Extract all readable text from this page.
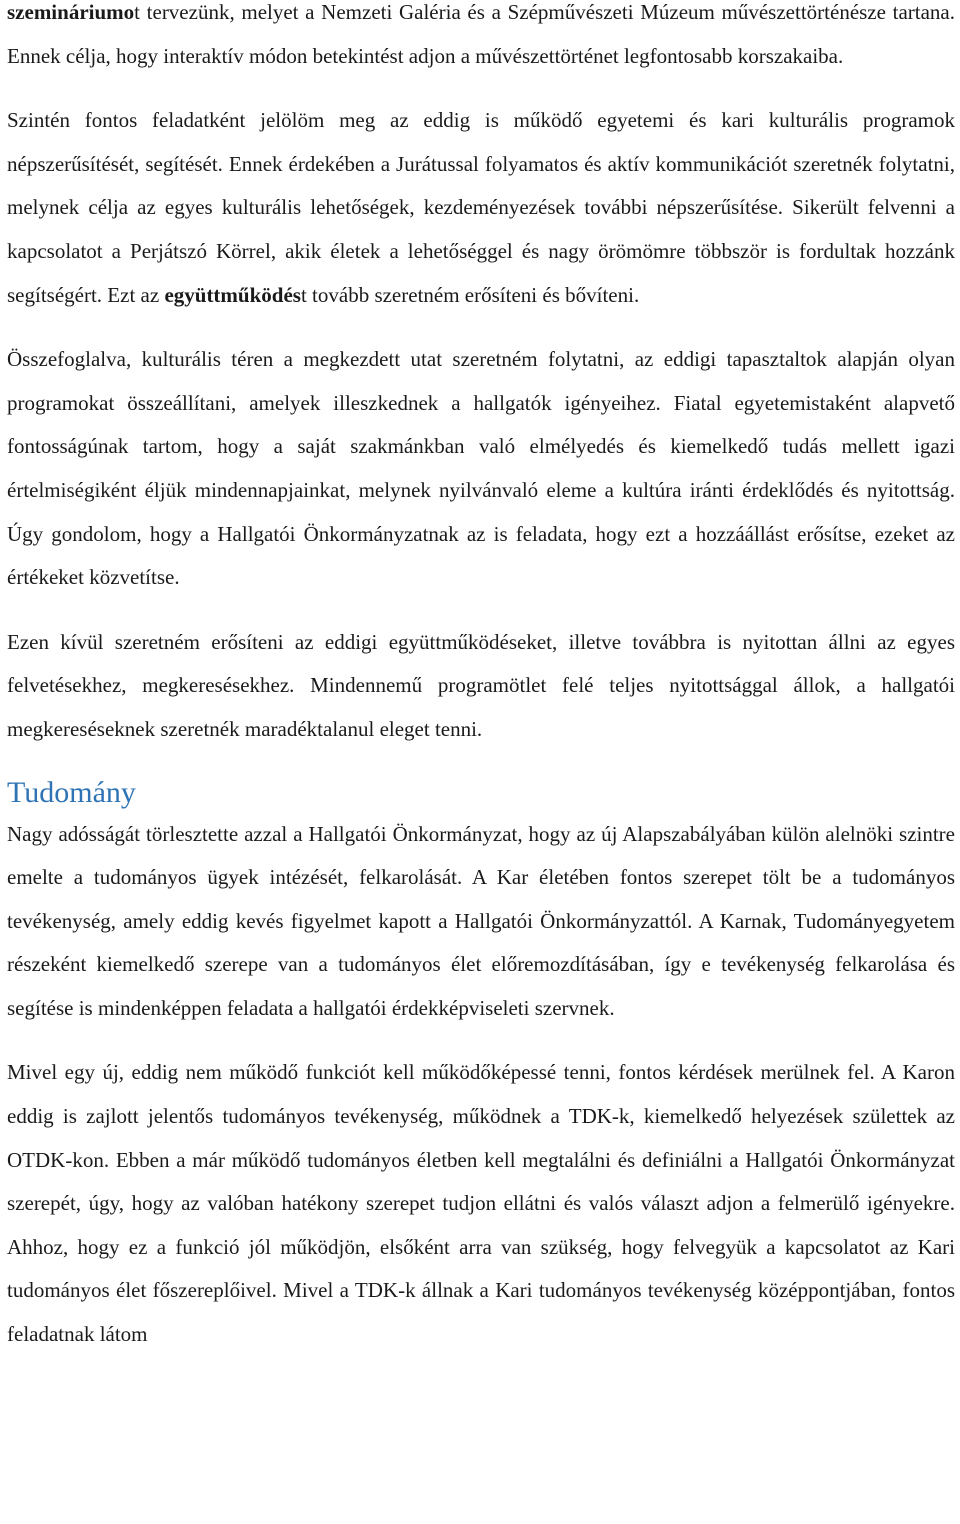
szemináriumot tervezünk, melyet a Nemzeti Galéria és a Szépművészeti Múzeum művészettörténésze tartana. Ennek célja, hogy interaktív módon betekintést adjon a művészettörténet legfontosabb korszakaiba.

Szintén fontos feladatként jelölöm meg az eddig is működő egyetemi és kari kulturális programok népszerűsítését, segítését. Ennek érdekében a Jurátussal folyamatos és aktív kommunikációt szeretnék folytatni, melynek célja az egyes kulturális lehetőségek, kezdeményezések további népszerűsítése. Sikerült felvenni a kapcsolatot a Perjátszó Körrel, akik életek a lehetőséggel és nagy örömömre többször is fordultak hozzánk segítségért. Ezt az együttműködést tovább szeretném erősíteni és bővíteni.

Összefoglalva, kulturális téren a megkezdett utat szeretném folytatni, az eddigi tapasztaltok alapján olyan programokat összeállítani, amelyek illeszkednek a hallgatók igényeihez. Fiatal egyetemistaként alapvető fontosságúnak tartom, hogy a saját szakmánkban való elmélyedés és kiemelkedő tudás mellett igazi értelmiségiként éljük mindennapjainkat, melynek nyilvánvaló eleme a kultúra iránti érdeklődés és nyitottság. Úgy gondolom, hogy a Hallgatói Önkormányzatnak az is feladata, hogy ezt a hozzáállást erősítse, ezeket az értékeket közvetítse.

Ezen kívül szeretném erősíteni az eddigi együttműködéseket, illetve továbbra is nyitottan állni az egyes felvetésekhez, megkeresésekhez. Mindennemű programötlet felé teljes nyitottsággal állok, a hallgatói megkereséseknek szeretnék maradéktalanul eleget tenni.

Tudomány

Nagy adósságát törlesztette azzal a Hallgatói Önkormányzat, hogy az új Alapszabályában külön alelnöki szintre emelte a tudományos ügyek intézését, felkarolását. A Kar életében fontos szerepet tölt be a tudományos tevékenység, amely eddig kevés figyelmet kapott a Hallgatói Önkormányzattól. A Karnak, Tudományegyetem részeként kiemelkedő szerepe van a tudományos élet előremozdításában, így e tevékenység felkarolása és segítése is mindenképpen feladata a hallgatói érdekképviseleti szervnek.

Mivel egy új, eddig nem működő funkciót kell működőképessé tenni, fontos kérdések merülnek fel. A Karon eddig is zajlott jelentős tudományos tevékenység, működnek a TDK-k, kiemelkedő helyezések születtek az OTDK-kon. Ebben a már működő tudományos életben kell megtalálni és definiálni a Hallgatói Önkormányzat szerepét, úgy, hogy az valóban hatékony szerepet tudjon ellátni és valós választ adjon a felmerülő igényekre. Ahhoz, hogy ez a funkció jól működjön, elsőként arra van szükség, hogy felvegyük a kapcsolatot az Kari tudományos élet főszereplőivel. Mivel a TDK-k állnak a Kari tudományos tevékenység középpontjában, fontos feladatnak látom
